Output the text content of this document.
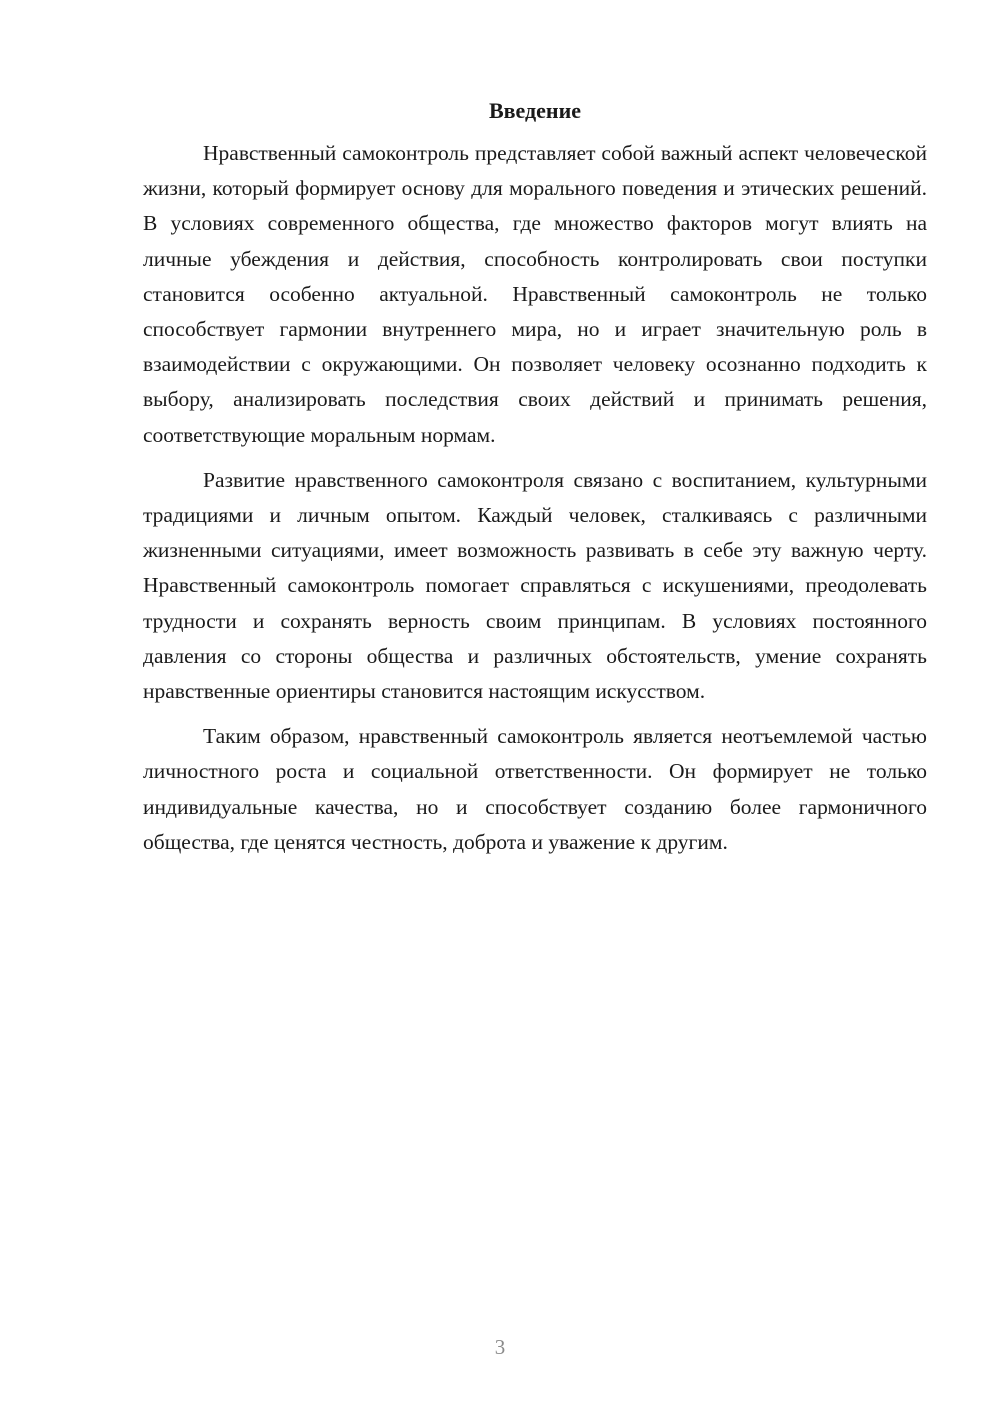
Введение

Нравственный самоконтроль представляет собой важный аспект человеческой жизни, который формирует основу для морального поведения и этических решений. В условиях современного общества, где множество факторов могут влиять на личные убеждения и действия, способность контролировать свои поступки становится особенно актуальной. Нравственный самоконтроль не только способствует гармонии внутреннего мира, но и играет значительную роль в взаимодействии с окружающими. Он позволяет человеку осознанно подходить к выбору, анализировать последствия своих действий и принимать решения, соответствующие моральным нормам.

Развитие нравственного самоконтроля связано с воспитанием, культурными традициями и личным опытом. Каждый человек, сталкиваясь с различными жизненными ситуациями, имеет возможность развивать в себе эту важную черту. Нравственный самоконтроль помогает справляться с искушениями, преодолевать трудности и сохранять верность своим принципам. В условиях постоянного давления со стороны общества и различных обстоятельств, умение сохранять нравственные ориентиры становится настоящим искусством.

Таким образом, нравственный самоконтроль является неотъемлемой частью личностного роста и социальной ответственности. Он формирует не только индивидуальные качества, но и способствует созданию более гармоничного общества, где ценятся честность, доброта и уважение к другим.

3
